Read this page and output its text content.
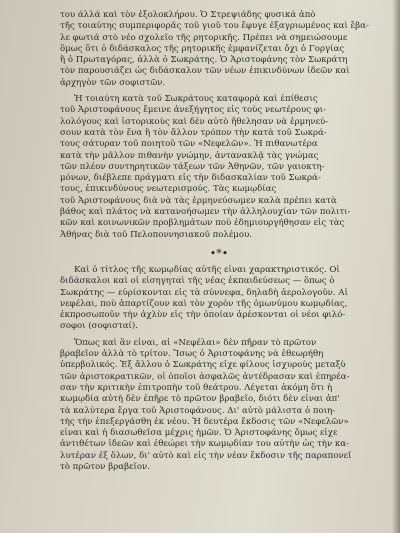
του άλλά καὶ τὸν ἐξολοκλήρου. Ὁ Στρεψιάδης φυσικά ἀπὸ
τῆς τοιαύτης συμπεριφορᾶς τοῦ γιοῦ του ἔφυγε ἐξαγριωμένος καὶ ἔβα-
λε φωτιά στὸ νέο σχολεῖο τῆς ρητορικῆς. Πρέπει νὰ σημειώσουμε
ὅμως ὅτι ὁ διδάσκαλος τῆς ρητορικῆς ἐμφανίζεται ὄχι ὁ Γοργίας
ἢ ὁ Πρωταγόρας, ἀλλὰ ὁ Σωκράτης. Ὁ Ἀριστοφάνης τὸν Σωκράτη
τὸν παρουσιάζει ὡς διδάσκαλον τῶν νέων ἐπικινδύνων ἰδεῶν καὶ
ἀρχηγὸν τῶν σοφιστῶν.
Ἡ τοιαύτη κατὰ τοῦ Σωκράτους καταφορὰ καὶ ἐπίθεσις
τοῦ Ἀριστοφάνους ἔμεινε ἀνεξήγητος εἰς τοὺς νεωτέρους φι-
λολόγους καὶ ἱστορικοὺς καὶ δὲν αὐτὸ ἤθελησαν νὰ ἑρμηνεύ-
σουν κατὰ τὸν ἕνα ἢ τὸν ἄλλον τρόπον τὴν κατὰ τοῦ Σωκρά-
τους σάτυραν τοῦ ποιητοῦ τῶν «Νεφελῶν». Ἡ πιθανωτέρα
κατὰ τὴν μᾶλλον πιθανὴν γνώμην, ἀντανακλᾷ τὰς γνώμας
τῶν πλέον συντηρητικῶν τάξεων τῶν Ἀθηνῶν, τῶν γαιοκτη-
μόνων, διέβλεπε πράγματι εἰς τὴν διδασκαλίαν τοῦ Σωκρά-
τους, ἐπικινδύνους νεωτερισμούς. Τὰς κωμῳδίας
τοῦ Ἀριστοφάνους διὰ νὰ τὰς ἑρμηνεύσωμεν καλὰ πρέπει κατὰ
βάθος καὶ πλάτος νὰ κατανοήσωμεν τὴν ἀλληλουχίαν τῶν πολιτι-
κῶν καὶ κοινωνικῶν προβλημάτων ποὺ ἐδημιουργήθησαν εἰς τὰς
Ἀθήνας διὰ τοῦ Πελοποννησιακοῦ πολέμου.
•*•
Καὶ ὁ τίτλος τῆς κωμῳδίας αὐτῆς εἶναι χαρακτηριστικός. Οἱ
διδάσκαλοι καὶ οἱ εἰσηγηταὶ τῆς νέας ἐκπαιδεύσεως — ὅπως ὁ
Σωκράτης — εὑρίσκονται εἰς τὰ σύννεφα, δηλαδὴ ἀερολογοῦν. Αἱ
νεφέλαι, ποὺ ἀπαρτίζουν καὶ τὸν χορὸν τῆς ὁμωνύμου κωμῳδίας,
ἐκπροσωποῦν τὴν ἀχλὺν εἰς τὴν ὁποίαν ἀρέσκονται οἱ νέοι φιλό-
σοφοι (σοφισταί).
Ὅπως καὶ ἂν εἶναι, αἱ «Νεφέλαι» δὲν πῆραν τὸ πρῶτον
βραβεῖον ἀλλὰ τὸ τρίτον. Ἴσως ὁ Ἀριστοφάνης νὰ ἐθεωρήθη
ὑπερβολικός. Ἐξ ἄλλου ὁ Σωκράτης εἶχε φίλους ἰσχυροὺς μεταξὺ
τῶν ἀριστοκρατικῶν, οἱ ὁποῖοι ἀσφαλῶς ἀντέδρασαν καὶ ἐπηρέα-
σαν τὴν κριτικὴν ἐπιτροπὴν τοῦ θεάτρου. Λέγεται ἀκόμη ὅτι ἡ
κωμῳδία αὐτὴ δὲν ἐπῆρε τὸ πρῶτον βραβεῖο, διότι δὲν εἶναι ἀπ'
τὰ καλύτερα ἔργα τοῦ Ἀριστοφάνους. Δι' αὐτὸ μάλιστα ὁ ποιη-
τὴς τὴν ἐπεξεργάσθη ἐκ νέου. Ἡ δευτέρα ἔκδοσις τῶν «Νεφελῶν»
εἶναι καὶ ἡ διασωθεῖσα μέχρις ἡμῶν. Ὁ Ἀριστοφάνης ὅμως εἶχε
ἀντιθέτων ἰδεῶν καὶ ἐθεώρει τὴν κωμῳδίαν του αὐτὴν ὡς τὴν κα-
λυτέραν ἐξ ὅλων, δι' αὐτὸ καὶ εἰς τὴν νέαν ἔκδοσιν τῆς παραπονεῖ
τὸ πρῶτον βραβεῖον.
